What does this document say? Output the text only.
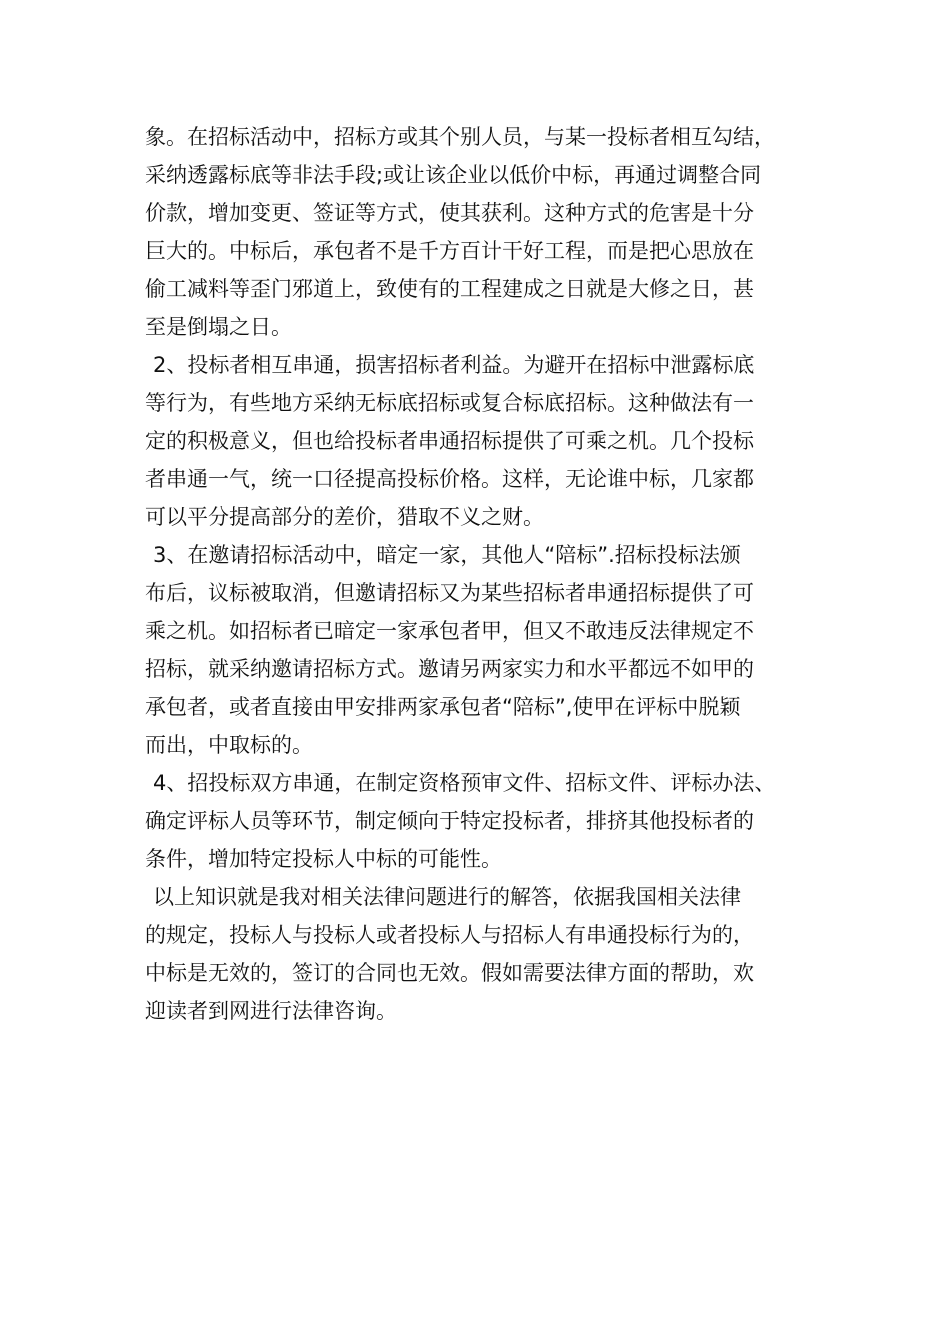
象。在招标活动中，招标方或其个别人员，与某一投标者相互勾结，
采纳透露标底等非法手段;或让该企业以低价中标，再通过调整合同
价款，增加变更、签证等方式，使其获利。这种方式的危害是十分
巨大的。中标后，承包者不是千方百计干好工程，而是把心思放在
偷工减料等歪门邪道上，致使有的工程建成之日就是大修之日，甚
至是倒塌之日。
2、投标者相互串通，损害招标者利益。为避开在招标中泄露标底
等行为，有些地方采纳无标底招标或复合标底招标。这种做法有一
定的积极意义，但也给投标者串通招标提供了可乘之机。几个投标
者串通一气，统一口径提高投标价格。这样，无论谁中标，几家都
可以平分提高部分的差价，猎取不义之财。
3、在邀请招标活动中，暗定一家，其他人“陪标”.招标投标法颁
布后，议标被取消，但邀请招标又为某些招标者串通招标提供了可
乘之机。如招标者已暗定一家承包者甲，但又不敢违反法律规定不
招标，就采纳邀请招标方式。邀请另两家实力和水平都远不如甲的
承包者，或者直接由甲安排两家承包者“陪标”,使甲在评标中脱颖
而出，中取标的。
4、招投标双方串通，在制定资格预审文件、招标文件、评标办法、
确定评标人员等环节，制定倾向于特定投标者，排挤其他投标者的
条件，增加特定投标人中标的可能性。
以上知识就是我对相关法律问题进行的解答，依据我国相关法律
的规定，投标人与投标人或者投标人与招标人有串通投标行为的，
中标是无效的，签订的合同也无效。假如需要法律方面的帮助，欢
迎读者到网进行法律咨询。
